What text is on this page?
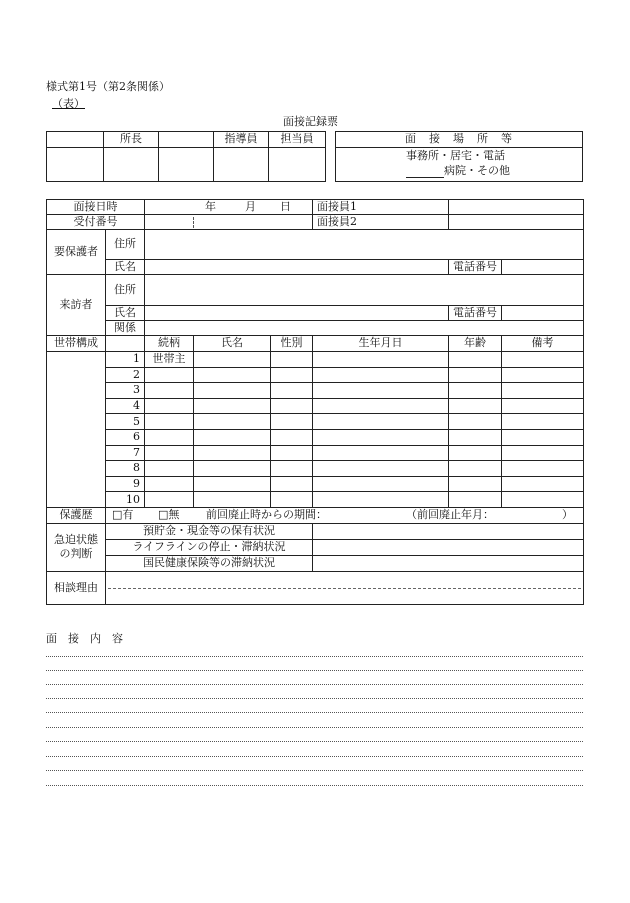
様式第1号（第2条関係）
（表）
面接記録票
	所長		指導員	担当員
					面　接　場　所　等

事務所・居宅・電話
病院・その他
面接日時		年 月 日			面接員1		
受付番号					面接員2		
要保護者	住所						
	氏名					電話番号	
来訪者	住所						
	氏名					電話番号	
	関係						
世帯構成		続柄	氏名	性別	生年月日	年齢	備考
	1	世帯主					
	2						
	3						
	4						
	5						
	6						
	7						
	8						
	9						
	10						
保護歴	□有 □無 前回廃止時からの期間： （前回廃止年月： ）						

急迫状態
の判断	預貯金・現金等の保有状況						
	ライフラインの停止・滞納状況						
	国民健康保険等の滞納状況						
相談理由							
面　接　内　容
